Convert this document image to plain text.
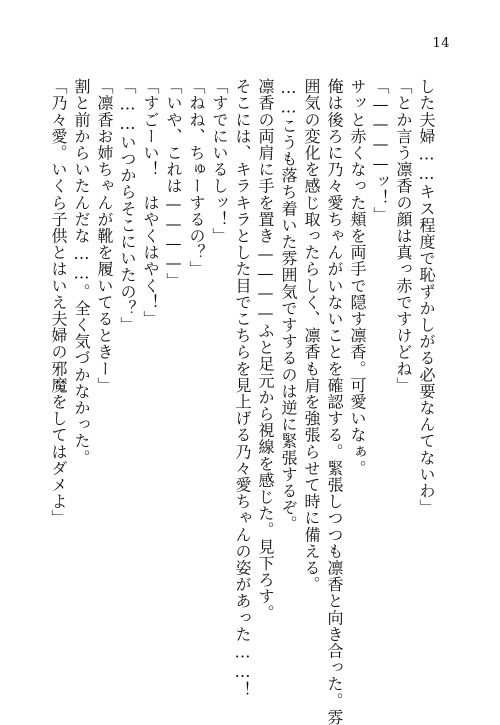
14
した夫婦……キス程度で恥ずかしがる必要なんてないわ」
「とか言う凛香の顔は真っ赤ですけどね」
「————ッ！」
サッと赤くなった頬を両手で隠す凛香。可愛いなぁ。
俺は後ろに乃々愛ちゃんがいないことを確認する。緊張しつつも凛香と向き合った。雰
囲気の変化を感じ取ったらしく、凛香も肩を強張らせて時に備える。
……こうも落ち着いた雰囲気ですするのは逆に緊張するぞ。
凛香の両肩に手を置き————ふと足元から視線を感じた。見下ろす。
そこには、キラキラとした目でこちらを見上げる乃々愛ちゃんの姿があった……！
「すでにいるしッ！」
「ねね、ちゅーするの？」
「いや、これは————」
「すごーい！　はやくはやく！」
「……いつからそこにいたの？」
「凛香お姉ちゃんが靴を履いてるときー」
割と前からいたんだな……。全く気づかなかった。
「乃々愛。いくら子供とはいえ夫婦の邪魔をしてはダメよ」
